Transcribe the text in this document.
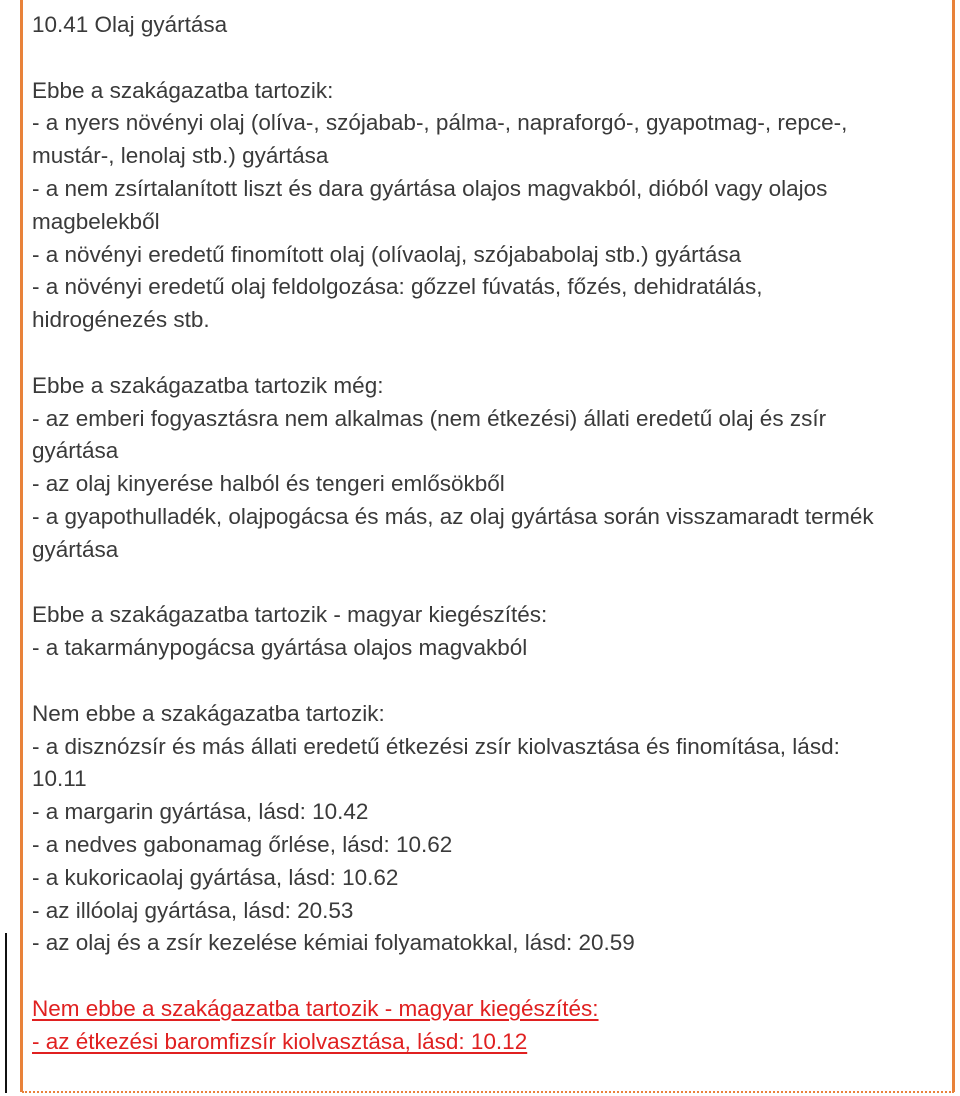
10.41 Olaj gyártása
Ebbe a szakágazatba tartozik:
- a nyers növényi olaj (olíva-, szójabab-, pálma-, napraforgó-, gyapotmag-, repce-,
mustár-, lenolaj stb.) gyártása
- a nem zsírtalanított liszt és dara gyártása olajos magvakból, dióból vagy olajos
magbelekből
- a növényi eredetű finomított olaj (olívaolaj, szójababolaj stb.) gyártása
- a növényi eredetű olaj feldolgozása: gőzzel fúvatás, főzés, dehidratálás,
hidrogénezés stb.
Ebbe a szakágazatba tartozik még:
- az emberi fogyasztásra nem alkalmas (nem étkezési) állati eredetű olaj és zsír
gyártása
- az olaj kinyerése halból és tengeri emlősökből
- a gyapothulladék, olajpogácsa és más, az olaj gyártása során visszamaradt termék
gyártása
Ebbe a szakágazatba tartozik - magyar kiegészítés:
- a takarmánypogácsa gyártása olajos magvakból
Nem ebbe a szakágazatba tartozik:
- a disznózsír és más állati eredetű étkezési zsír kiolvasztása és finomítása, lásd:
10.11
- a margarin gyártása, lásd: 10.42
- a nedves gabonamag őrlése, lásd: 10.62
- a kukoricaolaj gyártása, lásd: 10.62
- az illóolaj gyártása, lásd: 20.53
- az olaj és a zsír kezelése kémiai folyamatokkal, lásd: 20.59
Nem ebbe a szakágazatba tartozik - magyar kiegészítés:
- az étkezési baromfizsír kiolvasztása, lásd: 10.12
